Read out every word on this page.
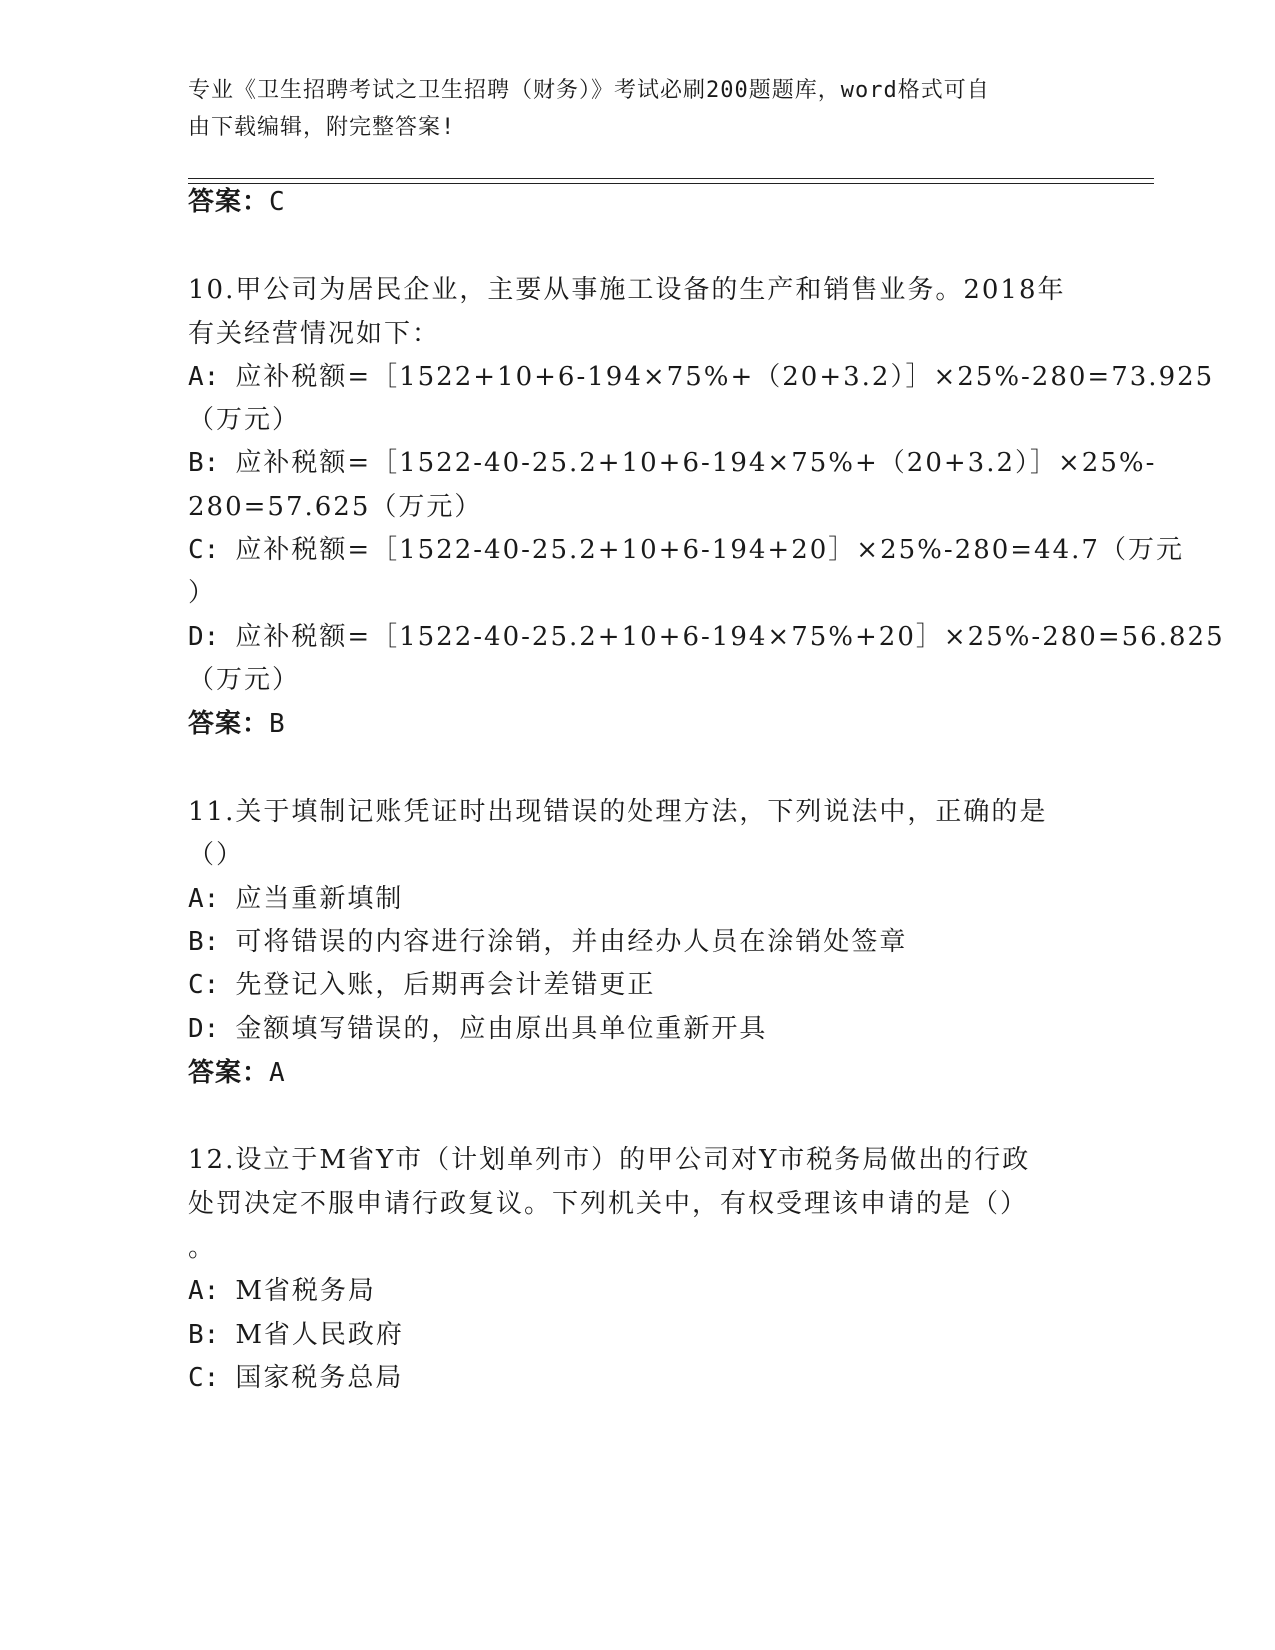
专业《卫生招聘考试之卫生招聘（财务）》考试必刷200题题库，word格式可自
由下载编辑，附完整答案!
答案：C
10.甲公司为居民企业，主要从事施工设备的生产和销售业务。2018年
有关经营情况如下：
A: 应补税额=［1522+10+6-194×75%+（20+3.2）］×25%-280=73.925
（万元）
B: 应补税额=［1522-40-25.2+10+6-194×75%+（20+3.2）］×25%-
280=57.625（万元）
C: 应补税额=［1522-40-25.2+10+6-194+20］×25%-280=44.7（万元
）
D: 应补税额=［1522-40-25.2+10+6-194×75%+20］×25%-280=56.825
（万元）
答案：B
11.关于填制记账凭证时出现错误的处理方法，下列说法中，正确的是
（）
A: 应当重新填制
B: 可将错误的内容进行涂销，并由经办人员在涂销处签章
C: 先登记入账，后期再会计差错更正
D: 金额填写错误的，应由原出具单位重新开具
答案：A
12.设立于M省Y市（计划单列市）的甲公司对Y市税务局做出的行政
处罚决定不服申请行政复议。下列机关中，有权受理该申请的是（）
。
A: M省税务局
B: M省人民政府
C: 国家税务总局
